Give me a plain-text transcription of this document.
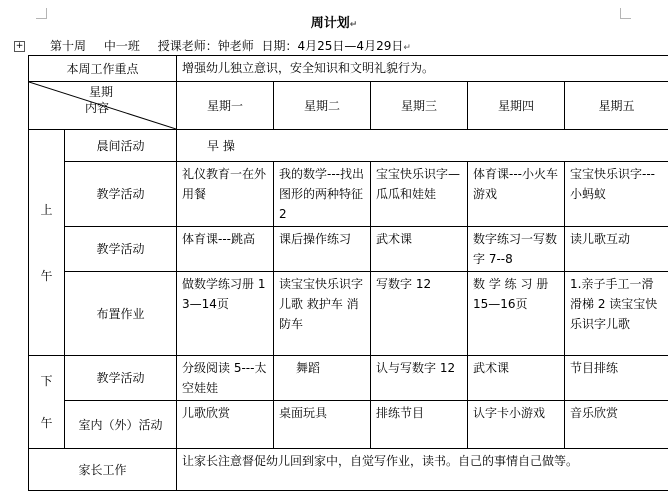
周计划↵
+ 第十周 中一班 授课老师：钟老师 日期：4月25日—4月29日↵
本周工作重点		增强幼儿独立意识，安全知识和文明礼貌行为。				

星期
内容		星期一	星期二	星期三	星期四	星期五

上
午	晨间活动	早 操				
	教学活动	礼仪教育一在外用餐	我的数学---找出图形的两种特征 2	宝宝快乐识字—瓜瓜和娃娃	体育课---小火车游戏	宝宝快乐识字---小蚂蚁
	教学活动	体育课---跳高	课后操作练习	武术课	数字练习一写数字 7--8	读儿歌互动
	布置作业	做数学练习册 13—14页	读宝宝快乐识字儿歌 救护车 消防车	写数字 12	数 学 练 习 册 15—16页	1.亲子手工一滑滑梯 2 读宝宝快乐识字儿歌

下
午	教学活动	分级阅读 5---太空娃娃	舞蹈	认与写数字 12	武术课	节目排练
	室内（外）活动	儿歌欣赏	桌面玩具	排练节目	认字卡小游戏	音乐欣赏
家长工作		让家长注意督促幼儿回到家中，自觉写作业，读书。自己的事情自己做等。				
